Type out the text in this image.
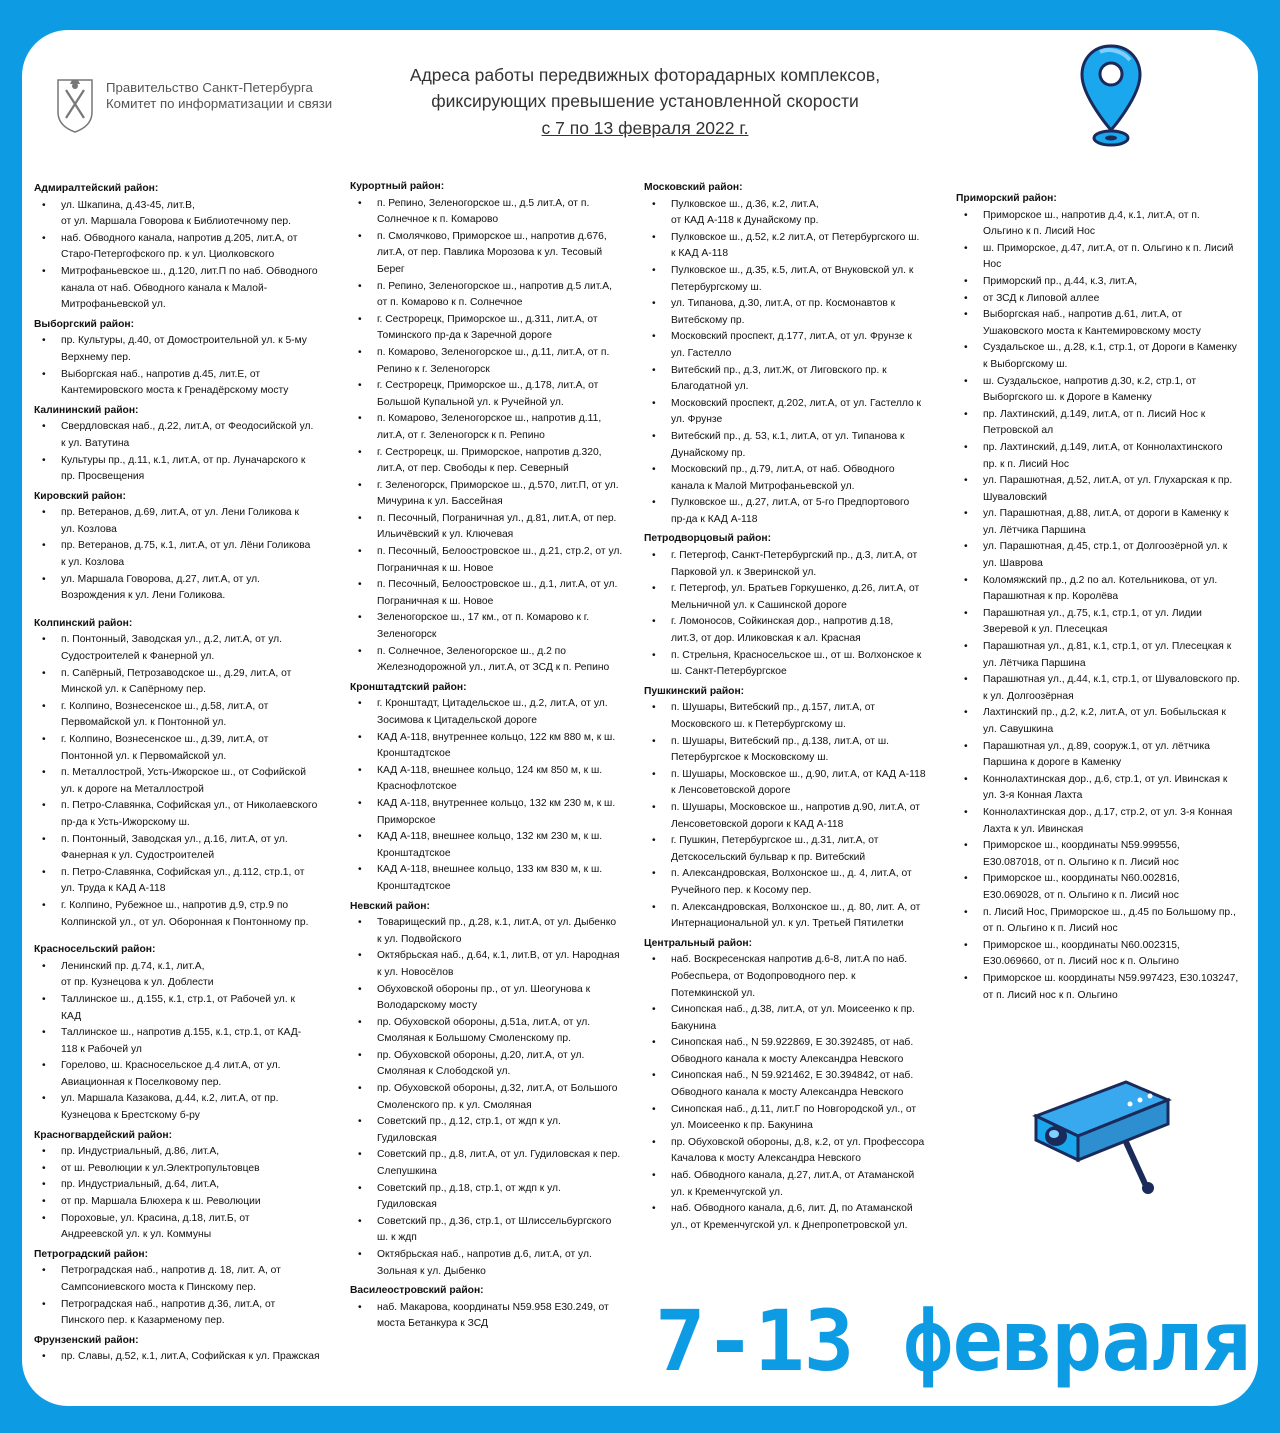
Правительство Санкт-Петербурга
Комитет по информатизации и связи
Адреса работы передвижных фоторадарных комплексов,
фиксирующих превышение установленной скорости
с 7 по 13 февраля 2022 г.
Адмиралтейский район:
• ул. Шкапина, д.43-45, лит.В,
от ул. Маршала Говорова к Библиотечному пер.
• наб. Обводного канала, напротив д.205, лит.А, от
Старо-Петергофского пр. к ул. Циолковского
• Митрофаньевское ш., д.120, лит.П по наб. Обводного
канала от наб. Обводного канала к Малой-
Митрофаньевской ул.
Выборгский район:
• пр. Культуры, д.40, от Домостроительной ул. к 5-му
Верхнему пер.
• Выборгская наб., напротив д.45, лит.Е, от
Кантемировского моста к Гренадёрскому мосту
Калининский район:
• Свердловская наб., д.22, лит.А, от Феодосийской ул.
к ул. Ватутина
• Культуры пр., д.11, к.1, лит.А, от пр. Луначарского к
пр. Просвещения
Кировский район:
• пр. Ветеранов, д.69, лит.А, от ул. Лени Голикова к
ул. Козлова
• пр. Ветеранов, д.75, к.1, лит.А, от ул. Лёни Голикова
к ул. Козлова
• ул. Маршала Говорова, д.27, лит.А, от ул.
Возрождения к ул. Лени Голикова.
Колпинский район:
• п. Понтонный, Заводская ул., д.2, лит.А, от ул.
Судостроителей к Фанерной ул.
• п. Сапёрный, Петрозаводское ш., д.29, лит.А, от
Минской ул. к Сапёрному пер.
• г. Колпино, Вознесенское ш., д.58, лит.А, от
Первомайской ул. к Понтонной ул.
• г. Колпино, Вознесенское ш., д.39, лит.А, от
Понтонной ул. к Первомайской ул.
• п. Металлострой, Усть-Ижорское ш., от Софийской
ул. к дороге на Металлострой
• п. Петро-Славянка, Софийская ул., от Николаевского
пр-да к Усть-Ижорскому ш.
• п. Понтонный, Заводская ул., д.16, лит.А, от ул.
Фанерная к ул. Судостроителей
• п. Петро-Славянка, Софийская ул., д.112, стр.1, от
ул. Труда к КАД А-118
• г. Колпино, Рубежное ш., напротив д.9, стр.9 по
Колпинской ул., от ул. Оборонная к Понтонному пр.
Красносельский район:
• Ленинский пр. д.74, к.1, лит.А,
от пр. Кузнецова к ул. Доблести
• Таллинское ш., д.155, к.1, стр.1, от Рабочей ул. к
КАД
• Таллинское ш., напротив д.155, к.1, стр.1, от КАД-
118 к Рабочей ул
• Горелово, ш. Красносельское д.4 лит.А, от ул.
Авиационная к Поселковому пер.
• ул. Маршала Казакова, д.44, к.2, лит.А, от пр.
Кузнецова к Брестскому б-ру
Красногвардейский район:
• пр. Индустриальный, д.86, лит.А,
• от ш. Революции к ул.Электропультовцев
• пр. Индустриальный, д.64, лит.А,
• от пр. Маршала Блюхера к ш. Революции
• Пороховые, ул. Красина, д.18, лит.Б, от
Андреевской ул. к ул. Коммуны
Петроградский район:
• Петроградская наб., напротив д. 18, лит. А, от
Сампсониевского моста к Пинскому пер.
• Петроградская наб., напротив д.36, лит.А, от
Пинского пер. к Казарменому пер.
Фрунзенский район:
• пр. Славы, д.52, к.1, лит.А, Софийская к ул. Пражская
Курортный район:
• п. Репино, Зеленогорское ш., д.5 лит.А, от п.
Солнечное к п. Комарово
• п. Смолячково, Приморское ш., напротив д.676,
лит.А, от пер. Павлика Морозова к ул. Тесовый
Берег
• п. Репино, Зеленогорское ш., напротив д.5 лит.А,
от п. Комарово к п. Солнечное
• г. Сестрорецк, Приморское ш., д.311, лит.А, от
Томинского пр-да к Заречной дороге
• п. Комарово, Зеленогорское ш., д.11, лит.А, от п.
Репино к г. Зеленогорск
• г. Сестрорецк, Приморское ш., д.178, лит.А, от
Большой Купальной ул. к Ручейной ул.
• п. Комарово, Зеленогорское ш., напротив д.11,
лит.А, от г. Зеленогорск к п. Репино
• г. Сестрорецк, ш. Приморское, напротив д.320,
лит.А, от пер. Свободы к пер. Северный
• г. Зеленогорск, Приморское ш., д.570, лит.П, от ул.
Мичурина к ул. Бассейная
• п. Песочный, Пограничная ул., д.81, лит.А, от пер.
Ильичёвский к ул. Ключевая
• п. Песочный, Белоостровское ш., д.21, стр.2, от ул.
Пограничная к ш. Новое
• п. Песочный, Белоостровское ш., д.1, лит.А, от ул.
Пограничная к ш. Новое
• Зеленогорское ш., 17 км., от п. Комарово к г.
Зеленогорск
• п. Солнечное, Зеленогорское ш., д.2 по
Железнодорожной ул., лит.А, от ЗСД к п. Репино
Кронштадтский район:
• г. Кронштадт, Цитадельское ш., д.2, лит.А, от ул.
Зосимова к Цитадельской дороге
• КАД А-118, внутреннее кольцо, 122 км 880 м, к ш.
Кронштадтское
• КАД А-118, внешнее кольцо, 124 км 850 м, к ш.
Краснофлотское
• КАД А-118, внутреннее кольцо, 132 км 230 м, к ш.
Приморское
• КАД А-118, внешнее кольцо, 132 км 230 м, к ш.
Кронштадтское
• КАД А-118, внешнее кольцо, 133 км 830 м, к ш.
Кронштадтское
Невский район:
• Товарищеский пр., д.28, к.1, лит.А, от ул. Дыбенко
к ул. Подвойского
• Октябрьская наб., д.64, к.1, лит.В, от ул. Народная
к ул. Новосёлов
• Обуховской обороны пр., от ул. Шеогунова к
Володарскому мосту
• пр. Обуховской обороны, д.51а, лит.А, от ул.
Смоляная к Большому Смоленскому пр.
• пр. Обуховской обороны, д.20, лит.А, от ул.
Смоляная к Слободской ул.
• пр. Обуховской обороны, д.32, лит.А, от Большого
Смоленского пр. к ул. Смоляная
• Советский пр., д.12, стр.1, от ждп к ул.
Гудиловская
• Советский пр., д.8, лит.А, от ул. Гудиловская к пер.
Слепушкина
• Советский пр., д.18, стр.1, от ждп к ул.
Гудиловская
• Советский пр., д.36, стр.1, от Шлиссельбургского
ш. к ждп
• Октябрьская наб., напротив д.6, лит.А, от ул.
Зольная к ул. Дыбенко
Василеостровский район:
• наб. Макарова, координаты N59.958 E30.249, от
моста Бетанкура к ЗСД
Московский район:
• Пулковское ш., д.36, к.2, лит.А,
от КАД А-118 к Дунайскому пр.
• Пулковское ш., д.52, к.2 лит.А, от Петербургского ш.
к КАД А-118
• Пулковское ш., д.35, к.5, лит.А, от Внуковской ул. к
Петербургскому ш.
• ул. Типанова, д.30, лит.А, от пр. Космонавтов к
Витебскому пр.
• Московский проспект, д.177, лит.А, от ул. Фрунзе к
ул. Гастелло
• Витебский пр., д.3, лит.Ж, от Лиговского пр. к
Благодатной ул.
• Московский проспект, д.202, лит.А, от ул. Гастелло к
ул. Фрунзе
• Витебский пр., д. 53, к.1, лит.А, от ул. Типанова к
Дунайскому пр.
• Московский пр., д.79, лит.А, от наб. Обводного
канала к Малой Митрофаньевской ул.
• Пулковское ш., д.27, лит.А, от 5-го Предпортового
пр-да к КАД А-118
Петродворцовый район:
• г. Петергоф, Санкт-Петербургский пр., д.3, лит.А, от
Парковой ул. к Зверинской ул.
• г. Петергоф, ул. Братьев Горкушенко, д.26, лит.А, от
Мельничной ул. к Сашинской дороге
• г. Ломоносов, Сойкинская дор., напротив д.18,
лит.З, от дор. Иликовская к ал. Красная
• п. Стрельня, Красносельское ш., от ш. Волхонское к
ш. Санкт-Петербургское
Пушкинский район:
• п. Шушары, Витебский пр., д.157, лит.А, от
Московского ш. к Петербургскому ш.
• п. Шушары, Витебский пр., д.138, лит.А, от ш.
Петербургское к Московскому ш.
• п. Шушары, Московское ш., д.90, лит.А, от КАД А-118
к Ленсоветовской дороге
• п. Шушары, Московское ш., напротив д.90, лит.А, от
Ленсоветовской дороги к КАД А-118
• г. Пушкин, Петербургское ш., д.31, лит.А, от
Детскосельский бульвар к пр. Витебский
• п. Александровская, Волхонское ш., д. 4, лит.А, от
Ручейного пер. к Косому пер.
• п. Александровская, Волхонское ш., д. 80, лит. А, от
Интернациональной ул. к ул. Третьей Пятилетки
Центральный район:
• наб. Воскресенская напротив д.6-8, лит.А по наб.
Робеспьера, от Водопроводного пер. к
Потемкинской ул.
• Синопская наб., д.38, лит.А, от ул. Моисеенко к пр.
Бакунина
• Синопская наб., N 59.922869, E 30.392485, от наб.
Обводного канала к мосту Александра Невского
• Синопская наб., N 59.921462, E 30.394842, от наб.
Обводного канала к мосту Александра Невского
• Синопская наб., д.11, лит.Г по Новгородской ул., от
ул. Моисеенко к пр. Бакунина
• пр. Обуховской обороны, д.8, к.2, от ул. Профессора
Качалова к мосту Александра Невского
• наб. Обводного канала, д.27, лит.А, от Атаманской
ул. к Кременчугской ул.
• наб. Обводного канала, д.6, лит. Д, по Атаманской
ул., от Кременчугской ул. к Днепропетровской ул.
Приморский район:
• Приморское ш., напротив д.4, к.1, лит.А, от п.
Ольгино к п. Лисий Нос
• ш. Приморское, д.47, лит.А, от п. Ольгино к п. Лисий
Нос
• Приморский пр., д.44, к.3, лит.А,
• от ЗСД к Липовой аллее
• Выборгская наб., напротив д.61, лит.А, от
Ушаковского моста к Кантемировскому мосту
• Суздальское ш., д.28, к.1, стр.1, от Дороги в Каменку
к Выборгскому ш.
• ш. Суздальское, напротив д.30, к.2, стр.1, от
Выборгского ш. к Дороге в Каменку
• пр. Лахтинский, д.149, лит.А, от п. Лисий Нос к
Петровской ал
• пр. Лахтинский, д.149, лит.А, от Коннолахтинского
пр. к п. Лисий Нос
• ул. Парашютная, д.52, лит.А, от ул. Глухарская к пр.
Шуваловский
• ул. Парашютная, д.88, лит.А, от дороги в Каменку к
ул. Лётчика Паршина
• ул. Парашютная, д.45, стр.1, от Долгоозёрной ул. к
ул. Шаврова
• Коломяжский пр., д.2 по ал. Котельникова, от ул.
Парашютная к пр. Королёва
• Парашютная ул., д.75, к.1, стр.1, от ул. Лидии
Зверевой к ул. Плесецкая
• Парашютная ул., д.81, к.1, стр.1, от ул. Плесецкая к
ул. Лётчика Паршина
• Парашютная ул., д.44, к.1, стр.1, от Шуваловского пр.
к ул. Долгоозёрная
• Лахтинский пр., д.2, к.2, лит.А, от ул. Бобыльская к
ул. Савушкина
• Парашютная ул., д.89, сооруж.1, от ул. лётчика
Паршина к дороге в Каменку
• Коннолахтинская дор., д.6, стр.1, от ул. Ивинская к
ул. 3-я Конная Лахта
• Коннолахтинская дор., д.17, стр.2, от ул. 3-я Конная
Лахта к ул. Ивинская
• Приморское ш., координаты N59.999556,
E30.087018, от п. Ольгино к п. Лисий нос
• Приморское ш., координаты N60.002816,
E30.069028, от п. Ольгино к п. Лисий нос
• п. Лисий Нос, Приморское ш., д.45 по Большому пр.,
от п. Ольгино к п. Лисий нос
• Приморское ш., координаты N60.002315,
E30.069660, от п. Лисий нос к п. Ольгино
• Приморское ш. координаты N59.997423, E30.103247,
от п. Лисий нос к п. Ольгино
7-13 февраля
